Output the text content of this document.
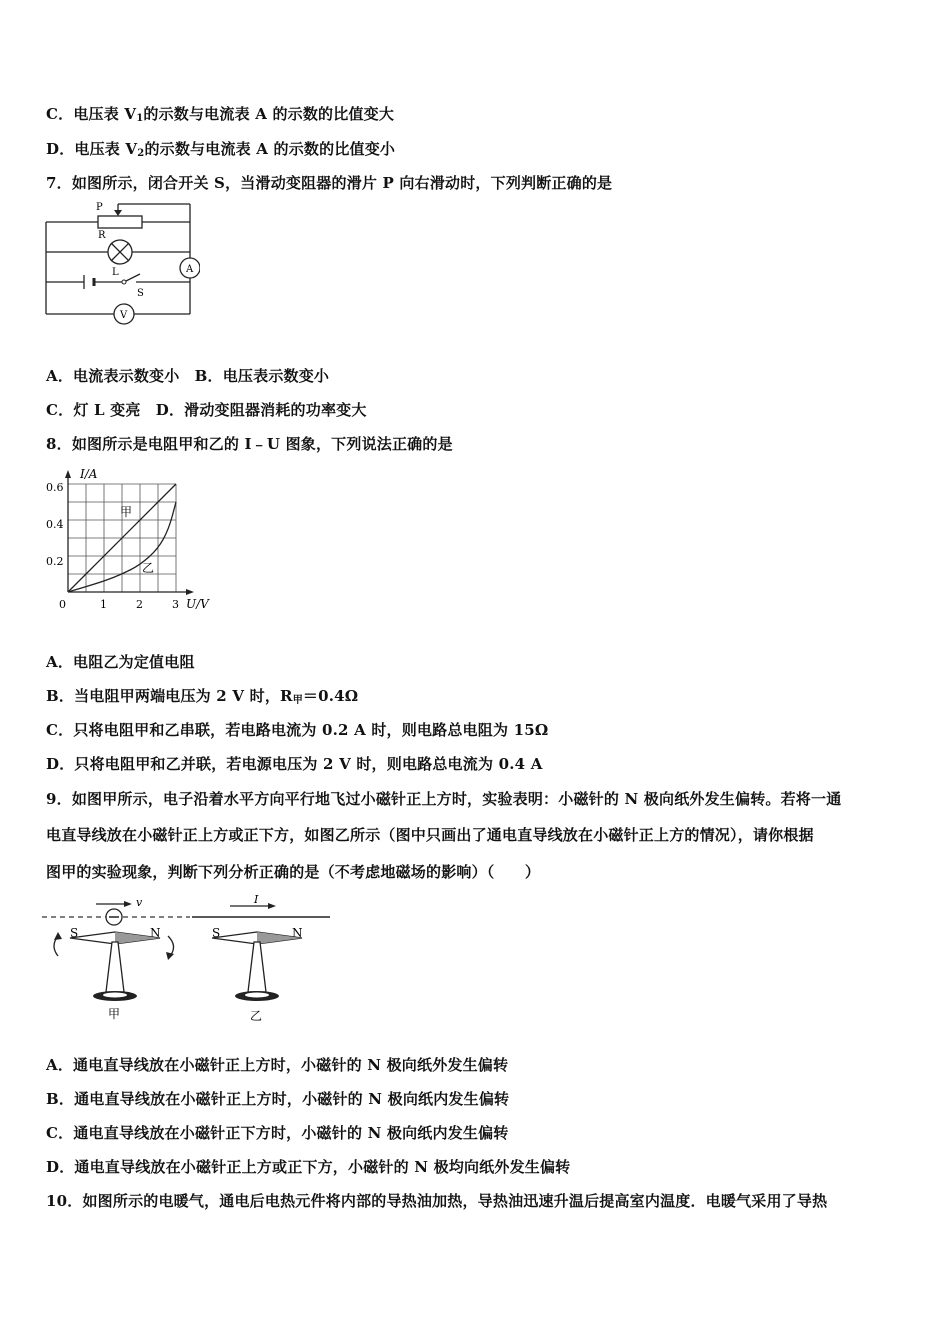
C．电压表 $V_1$的示数与电流表 A 的示数的比值变大
D．电压表 $V_2$的示数与电流表 A 的示数的比值变小
7．如图所示，闭合开关 S，当滑动变阻器的滑片 P 向右滑动时，下列判断正确的是
P
R
L
S
A
V
A．电流表示数变小　B．电压表示数变小
C．灯 L 变亮　D．滑动变阻器消耗的功率变大
8．如图所示是电阻甲和乙的 I﹣U 图象，下列说法正确的是
I/A
U/V
0.2
0.4
0.6
0	1	2	3
甲
乙
A．电阻乙为定值电阻
B．当电阻甲两端电压为 2 V 时，$R_甲=0.4\Omega$
C．只将电阻甲和乙串联，若电路电流为 0.2 A 时，则电路总电阻为 15Ω
D．只将电阻甲和乙并联，若电源电压为 2 V 时，则电路总电流为 0.4 A
9．如图甲所示，电子沿着水平方向平行地飞过小磁针正上方时，实验表明：小磁针的 N 极向纸外发生偏转。若将一通
电直导线放在小磁针正上方或正下方，如图乙所示（图中只画出了通电直导线放在小磁针正上方的情况），请你根据
图甲的实验现象，判断下列分析正确的是（不考虑地磁场的影响）（　　）
v
S	N
甲
I
S	N
乙
A．通电直导线放在小磁针正上方时，小磁针的 N 极向纸外发生偏转
B．通电直导线放在小磁针正上方时，小磁针的 N 极向纸内发生偏转
C．通电直导线放在小磁针正下方时，小磁针的 N 极向纸内发生偏转
D．通电直导线放在小磁针正上方或正下方，小磁针的 N 极均向纸外发生偏转
10．如图所示的电暖气，通电后电热元件将内部的导热油加热，导热油迅速升温后提高室内温度．电暖气采用了导热
